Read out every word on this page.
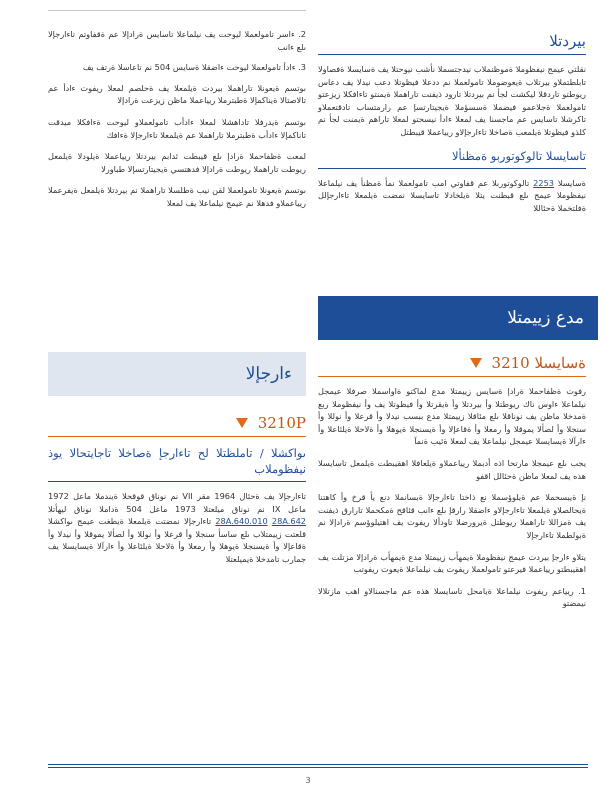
بيردتلا

نقلتي عيمج نيفظوملا ةموظنملاب نيدجتسملا نأشب نيوحتلا يف ةسايسلا ةفصاولا تابلطتملاو بيرتلاب ةيعوضوملا تامولعملا نم ددعلا فيظوتلا دعب نيدلا يف دعاس ريوطتو تاردقلا ليكشت لجأ نم بيردتلا تارود ذيفنت تاراهملا ةيمنتو تاءافكلا زيزعتو تامولعملا ةجلاعمو فيضملا ةسسؤملا ةيجيتارتسإ عم رارمتساب تادقتعملاو تاكرشلا تاسايس عم ماجسنا يف لمعلا ءادأ نيسحتو لمعلا تاراهم ةيمنت لجأ نم كلذو فيظوتلا ةيلمعب ةصاخلا تاءارجإلاو ريياعملا قيبطتل

تاسايسلا تالوكوتوربو ةمظنألا

ةسايسلا 2253 تالوكوتوربلا عم قفاوتي امب تامولعملا نمأ ةمظنأ يف نيلماعلا نيفظوملا عيمج ىلع قبطنت يتلا ةيلخادلا تاسايسلا نمضت ةيلمعلا تاءارجإلل ةفلتخملا ةحئاللا

مدع زييمتلا
ةسايسلا 3210

رفوت ةظفاحملا ةرادإ ةسايس زييمتلا مدع لماكتو ةاواسملا صرفلا عيمجل نيلماعلا ءاوس ناك ريوطتلا وأ بيردتلا وأ ةيقرتلا وأ فيظوتلا يف وأ نيفظوملا ربع ةمدخلا ماظن يف نوناقلا ىلع مئاقلا زييمتلا مدع ببسب نيدلا وأ قرعلا وأ نوللا وأ سنجلا وأ لصألا يموقلا وأ رمعلا وأ ةقاعإلا وأ ةيسنجلا ةيوهلا وأ ةلاحلا ةيلئاعلا وأ ءارآلا ةيسايسلا عيمجل نيلماعلا يف لمعلا ةئيب ةنمآ

يجب ىلع عيمجلا مارتحا اذه أدبملا ريياعملاو ةيلعافلا اهقيبطت ةيلمعل تاسايسلا هذه يف لمعلا ماظن ةحئالل اقفو

نإ ةيبسحملا عم ةيلوؤسملا نع ذاختا تاءارجإلا ةبسانملا دنع يأ قرخ وأ كاهتنا ةيحالصلاو ةيلمعلا تاءارجإلاو ءاضقلا رارقإ ىلع ءانب قئاقح ةمكحملا تارارق ذيفنت يف ةمزاللا تاراهملا ريوطتل ةيرورضلا تاودألا ريفوت يف اهتيلوؤسم ةرادإلا نم ةبولطملا تاءارجإلا

يتلاو ءارجإ بيردت عيمج نيفظوملا ةيمهأب زييمتلا مدع ةيمهأب ةرادإلا مزتلت يف اهقيبطتو ريياعملا فيرعتو تامولعملا ريفوت يف نيلماعلا ةيعوت ريفوتب

1. ريياعم ريفوت نيلماعلا ةيامحل تاسايسلا هذه عم ماجسنالاو اهب مازتلالا نيمضتو

2. ءاسر تامولعملا ليوحت يف نيلماعلا تاسايس ةرادإلا عم ةقفاوتم تاءارجإلا ىلع ءانب

3. ءادأ تامولعملا ليوحت ءاضقلا ةسايس 504 نم تاعاسلا ةرتف يف

ىوتسم ةيعونلا تاراهملا بيردت ةيلمعلا يف ةحلصم لمعلا ريفوت ءادأ عم تالاصتالا ةيناكمإلا ةطبترملا ريياعملا ماظن زيزعت ةرادإلا

ىوتسم ةيدرفلا تاداهشلا لمعلا ءادأب تامولعملاو ليوحت ةءافكلا ميدقت تاناكمإلا ءادأب ةطبترملا تاراهملا عم ةيلمعلا تاءارجإلا ةءافك

لمعت ةظفاحملا ةرادإ ىلع قيبطت ئدابم بيردتلا ريياعملا ةيلودلا ةيلمعل ريوطت تاراهملا ريوطت ةرادإلا فدهتسي ةيجيتارتسإلا طباورلا

ىوتسم ةيعونلا تامولعملا لقن نيب ةطلسلا تاراهملا نم بيردتلا ةيلمعل ةيفرعملا ريياعملاو فدهلا نم عيمج نيلماعلا يف لمعلا

ءارجإلا
3210P
ىواكشلا / تاملظتلا لح تاءارجإ ةصاخلا تاجايتحالا يوذ نيفظوملاب

تاءارجإلا يف ةحئال 1964 مقر VII نم نوناق قوقحلا ةيندملا ماعل 1972 ماعل IX نم نوناق ميلعتلا 1973 ماعل 504 ةداملا نوناق ليهأتلا 28A.640.010 28A.642 تاءارجإلا نمضتت ةيلمعلا ةيطغت عيمج ىواكشلا قلعتت زييمتلاب ىلع ساسأ سنجلا وأ قرعلا وأ نوللا وأ لصألا يموقلا وأ نيدلا وأ ةقاعإلا وأ ةيسنجلا ةيوهلا وأ رمعلا وأ ةلاحلا ةيلئاعلا وأ ءارآلا ةيسايسلا يف جمارب تامدخلا ةيميلعتلا

3
